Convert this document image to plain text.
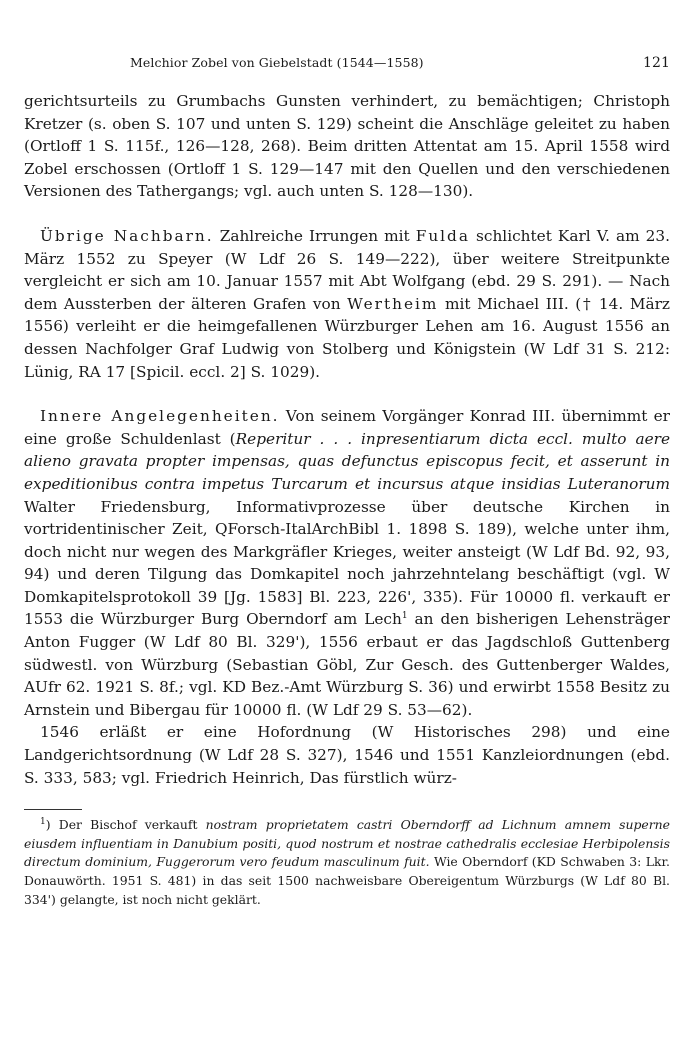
Melchior Zobel von Giebelstadt (1544—1558)	121

gerichtsurteils zu Grumbachs Gunsten verhindert, zu bemächtigen; Christoph Kretzer (s. oben S. 107 und unten S. 129) scheint die Anschläge geleitet zu haben (Ortloff 1 S. 115f., 126—128, 268). Beim dritten Attentat am 15. April 1558 wird Zobel erschossen (Ortloff 1 S. 129—147 mit den Quellen und den verschiedenen Versionen des Tathergangs; vgl. auch unten S. 128—130).

Übrige Nachbarn. Zahlreiche Irrungen mit Fulda schlichtet Karl V. am 23. März 1552 zu Speyer (W Ldf 26 S. 149—222), über weitere Streitpunkte vergleicht er sich am 10. Januar 1557 mit Abt Wolfgang (ebd. 29 S. 291). — Nach dem Aussterben der älteren Grafen von Wertheim mit Michael III. († 14. März 1556) verleiht er die heimgefallenen Würzburger Lehen am 16. August 1556 an dessen Nachfolger Graf Ludwig von Stolberg und Königstein (W Ldf 31 S. 212: Lünig, RA 17 [Spicil. eccl. 2] S. 1029).

Innere Angelegenheiten. Von seinem Vorgänger Konrad III. übernimmt er eine große Schuldenlast (Reperitur . . . inpresentiarum dicta eccl. multo aere alieno gravata propter impensas, quas defunctus episcopus fecit, et asserunt in expeditionibus contra impetus Turcarum et incursus atque insidias Luteranorum Walter Friedensburg, Informativprozesse über deutsche Kirchen in vortridentinischer Zeit, QForsch-ItalArchBibl 1. 1898 S. 189), welche unter ihm, doch nicht nur wegen des Markgräfler Krieges, weiter ansteigt (W Ldf Bd. 92, 93, 94) und deren Tilgung das Domkapitel noch jahrzehntelang beschäftigt (vgl. W Domkapitelsprotokoll 39 [Jg. 1583] Bl. 223, 226', 335). Für 10000 fl. verkauft er 1553 die Würzburger Burg Oberndorf am Lech$^1$ an den bisherigen Lehensträger Anton Fugger (W Ldf 80 Bl. 329'), 1556 erbaut er das Jagdschloß Guttenberg südwestl. von Würzburg (Sebastian Göbl, Zur Gesch. des Guttenberger Waldes, AUfr 62. 1921 S. 8f.; vgl. KD Bez.-Amt Würzburg S. 36) und erwirbt 1558 Besitz zu Arnstein und Bibergau für 10000 fl. (W Ldf 29 S. 53—62).

1546 erläßt er eine Hofordnung (W Historisches 298) und eine Landgerichtsordnung (W Ldf 28 S. 327), 1546 und 1551 Kanzleiordnungen (ebd. S. 333, 583; vgl. Friedrich Heinrich, Das fürstlich würz-

$^1$) Der Bischof verkauft nostram proprietatem castri Oberndorff ad Lichnum amnem superne eiusdem influentiam in Danubium positi, quod nostrum et nostrae cathedralis ecclesiae Herbipolensis directum dominium, Fuggerorum vero feudum masculinum fuit. Wie Oberndorf (KD Schwaben 3: Lkr. Donauwörth. 1951 S. 481) in das seit 1500 nachweisbare Obereigentum Würzburgs (W Ldf 80 Bl. 334') gelangte, ist noch nicht geklärt.
